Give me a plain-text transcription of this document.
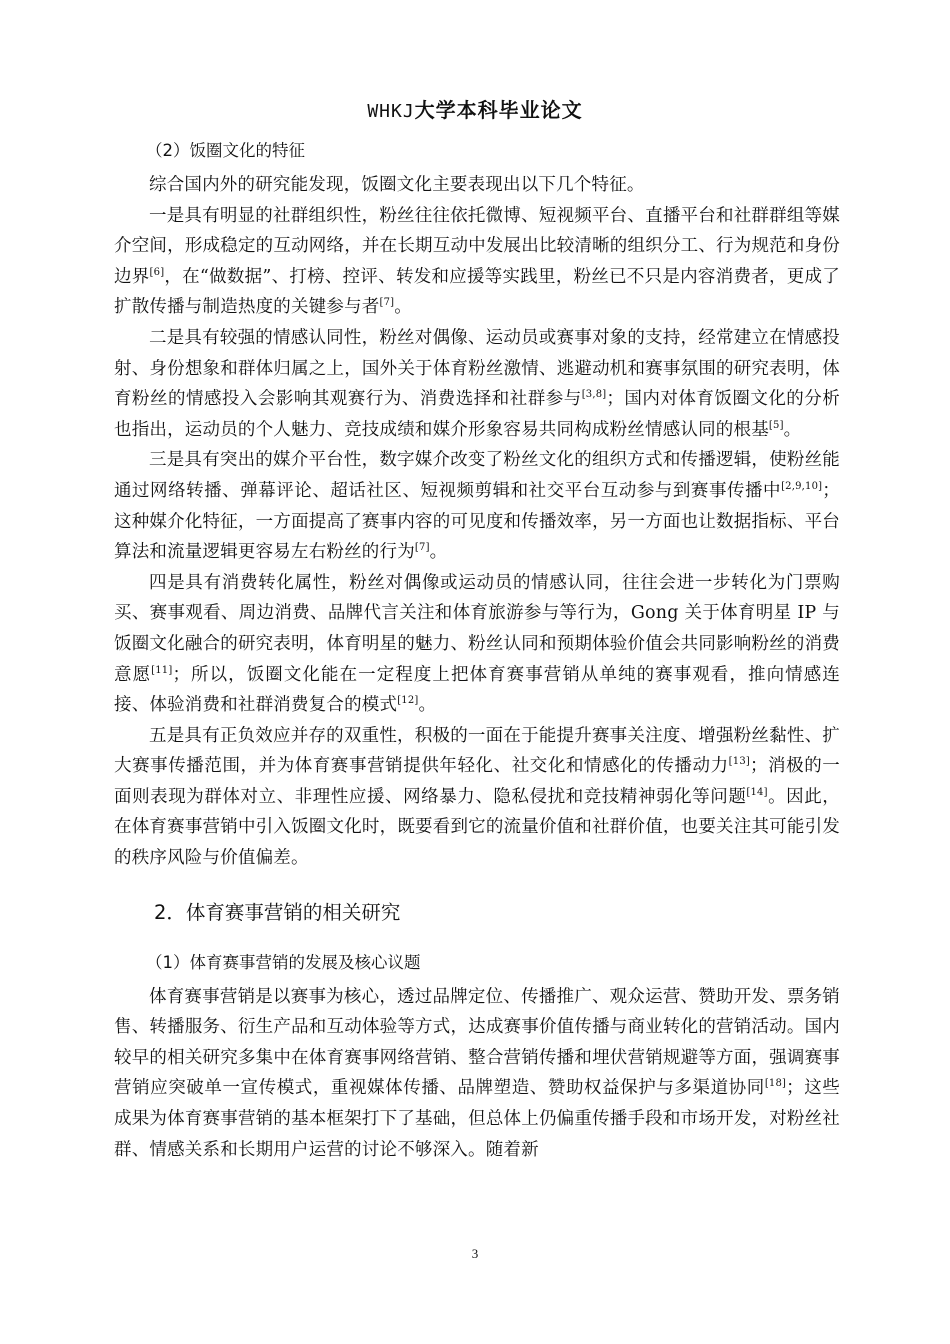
WHKJ大学本科毕业论文
（2）饭圈文化的特征

综合国内外的研究能发现，饭圈文化主要表现出以下几个特征。

一是具有明显的社群组织性，粉丝往往依托微博、短视频平台、直播平台和社群群组等媒介空间，形成稳定的互动网络，并在长期互动中发展出比较清晰的组织分工、行为规范和身份边界[6]，在“做数据”、打榜、控评、转发和应援等实践里，粉丝已不只是内容消费者，更成了扩散传播与制造热度的关键参与者[7]。

二是具有较强的情感认同性，粉丝对偶像、运动员或赛事对象的支持，经常建立在情感投射、身份想象和群体归属之上，国外关于体育粉丝激情、逃避动机和赛事氛围的研究表明，体育粉丝的情感投入会影响其观赛行为、消费选择和社群参与[3,8]；国内对体育饭圈文化的分析也指出，运动员的个人魅力、竞技成绩和媒介形象容易共同构成粉丝情感认同的根基[5]。

三是具有突出的媒介平台性，数字媒介改变了粉丝文化的组织方式和传播逻辑，使粉丝能通过网络转播、弹幕评论、超话社区、短视频剪辑和社交平台互动参与到赛事传播中[2,9,10]；这种媒介化特征，一方面提高了赛事内容的可见度和传播效率，另一方面也让数据指标、平台算法和流量逻辑更容易左右粉丝的行为[7]。

四是具有消费转化属性，粉丝对偶像或运动员的情感认同，往往会进一步转化为门票购买、赛事观看、周边消费、品牌代言关注和体育旅游参与等行为，Gong 关于体育明星 IP 与饭圈文化融合的研究表明，体育明星的魅力、粉丝认同和预期体验价值会共同影响粉丝的消费意愿[11]；所以，饭圈文化能在一定程度上把体育赛事营销从单纯的赛事观看，推向情感连接、体验消费和社群消费复合的模式[12]。

五是具有正负效应并存的双重性，积极的一面在于能提升赛事关注度、增强粉丝黏性、扩大赛事传播范围，并为体育赛事营销提供年轻化、社交化和情感化的传播动力[13]；消极的一面则表现为群体对立、非理性应援、网络暴力、隐私侵扰和竞技精神弱化等问题[14]。因此，在体育赛事营销中引入饭圈文化时，既要看到它的流量价值和社群价值，也要关注其可能引发的秩序风险与价值偏差。

2．体育赛事营销的相关研究
（1）体育赛事营销的发展及核心议题

体育赛事营销是以赛事为核心，透过品牌定位、传播推广、观众运营、赞助开发、票务销售、转播服务、衍生产品和互动体验等方式，达成赛事价值传播与商业转化的营销活动。国内较早的相关研究多集中在体育赛事网络营销、整合营销传播和埋伏营销规避等方面，强调赛事营销应突破单一宣传模式，重视媒体传播、品牌塑造、赞助权益保护与多渠道协同[18]；这些成果为体育赛事营销的基本框架打下了基础，但总体上仍偏重传播手段和市场开发，对粉丝社群、情感关系和长期用户运营的讨论不够深入。随着新

3
